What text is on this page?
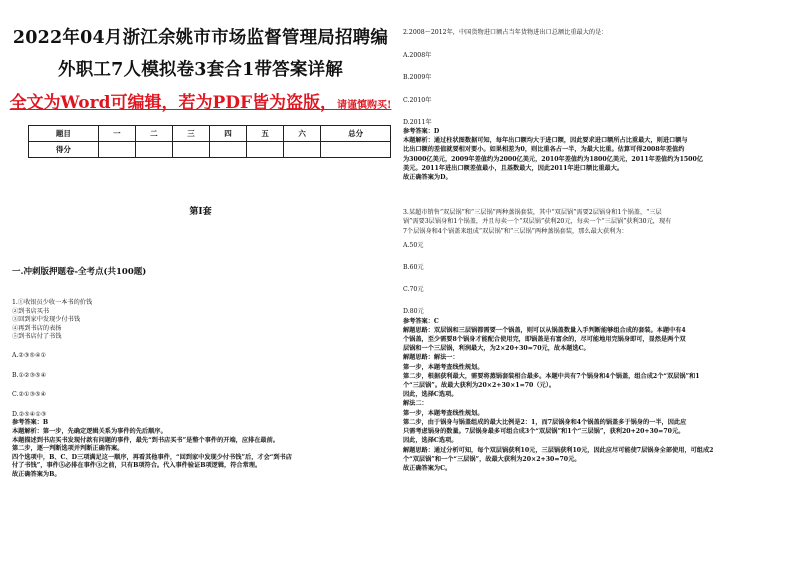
2022年04月浙江余姚市市场监督管理局招聘编
外职工7人模拟卷3套合1带答案详解
全文为Word可编辑，若为PDF皆为盗版，请谨慎购买!
题目	一	二	三	四	五	六	总分
得分							
第I套
一.冲刺版押题卷-全考点(共100题)
1.①收银员少收一本书的价钱
②到书店买书
③回到家中发现少付书钱
④再到书店的表扬
⑤到书店付了书钱
A.②③⑤④①
B.①②③⑤④
C.②①③⑤④
D.②⑤④①③
参考答案：B
本题解析：第一步，先确定逻辑关系为事件的先后顺序。
本题描述到书店买书发现付款有问题的事件，最先“到书店买书”是整个事件的开端，应排在最前。
第二步，逐一判断选项并判断正确答案。
四个选项中，B、C、D三项满足这一顺序，再看其他事件，“回到家中发现少付书钱”后，才会“到书店
付了书钱”，事件⑤必排在事件③之前，只有B项符合。代入事件验证B项逻辑，符合常理。
故正确答案为B。
2.2008～2012年，中国货物进口额占当年货物进出口总额比重最大的是：
A.2008年
B.2009年
C.2010年
D.2011年
参考答案：D
本题解析：通过柱状图数据可知，每年出口额均大于进口额，因此要求进口额所占比重最大，则进口额与
比出口额的差值就要相对要小。如果相差为0，则比重各占一半，为最大比重。估算可得2008年差值约
为3000亿美元，2009年差值约为2000亿美元，2010年差值约为1800亿美元，2011年差值约为1500亿
美元。2011年进出口额差值最小，且基数最大，因此2011年进口额比重最大。
故正确答案为D。
3.某超市销售“双层锅”和“三层锅”两种蒸锅套装，其中“双层锅”需要2层锅身和1个锅盖，“三层
锅”需要3层锅身和1个锅盖，并且每卖一个“双层锅”获利20元，每卖一个“三层锅”获利30元，现有
7个层锅身和4个锅盖来组成“双层锅”和“三层锅”两种蒸锅套装，那么最大获利为：
A.50元
B.60元
C.70元
D.80元
参考答案：C
解题思路：双层锅和三层锅都需要一个锅盖，则可以从锅盖数量入手判断能够组合成的套装。本题中有4
个锅盖，至少需要8个锅身才能配合使用完，即锅盖是有富余的，尽可能地用完锅身即可，显然是两个双
层锅和一个三层锅，利润最大，为2×20+30=70元，故本题选C。
解题思路：解法一：
第一步，本题考查线性规划。
第二步，根据获利最大，需要将蒸锅套装相合最多。本题中共有7个锅身和4个锅盖，组合成2个“双层锅”和1
个“三层锅”。故最大获利为20×2+30×1=70（元）。
因此，选择C选项。
解法二：
第一步，本题考查线性规划。
第二步，由于锅身与锅盖组成的最大比例是2：1，而7层锅身和4个锅盖的锅盖多于锅身的一半，因此应
只需考虑锅身的数量。7层锅身最多可组合成3个“双层锅”和1个“三层锅”，获利20+20+30=70元。
因此，选择C选项。
解题思路：通过分析可知，每个双层锅获利10元，三层锅获利10元，因此应尽可能使7层锅身全部使用，可组成2
个“双层锅”和一个“三层锅”，故最大获利为20×2+30=70元。
故正确答案为C。
